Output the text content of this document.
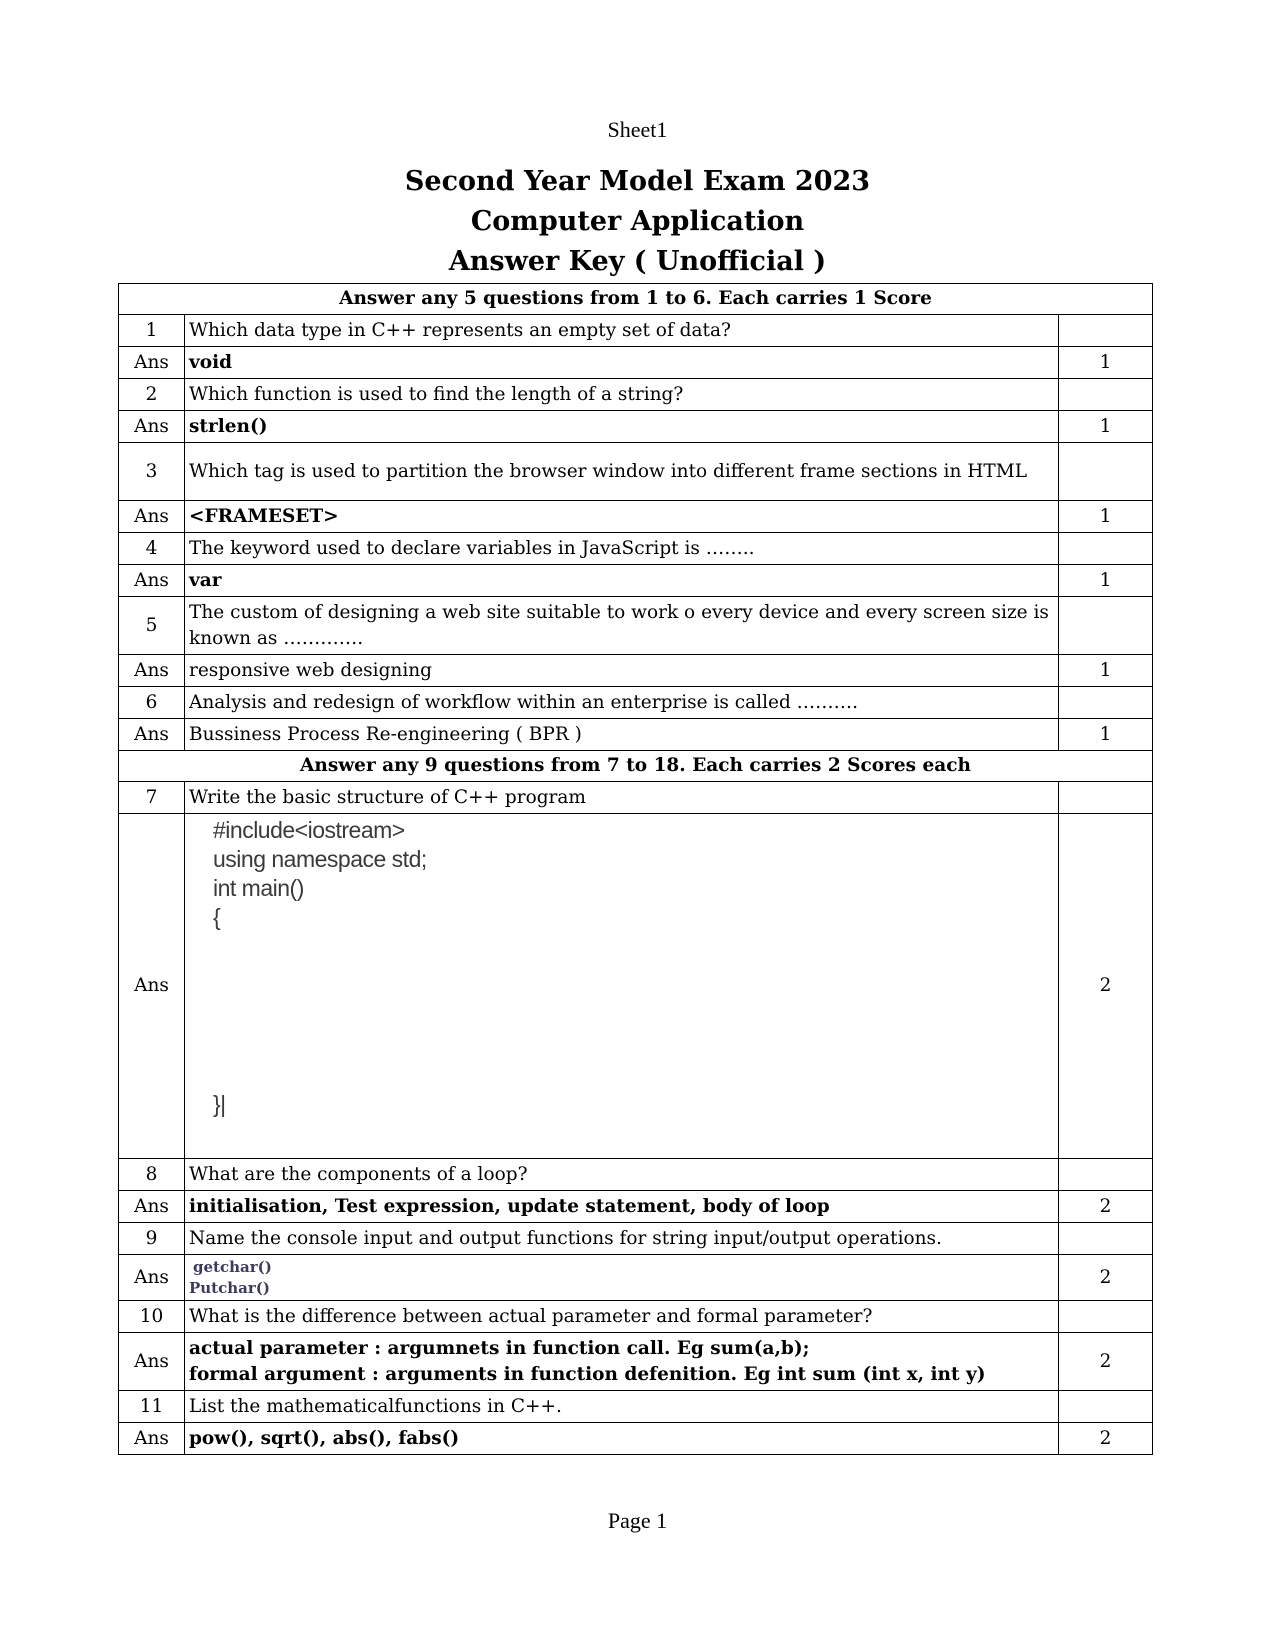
Sheet1
Second Year Model Exam 2023
Computer Application
Answer Key ( Unofficial )
Answer any 5 questions from 1 to 6. Each carries 1 Score		
1	Which data type in C++ represents an empty set of data?	
Ans	void	1
2	Which function is used to find the length of a string?	
Ans	strlen()	1
3	Which tag is used to partition the browser window into different frame sections in HTML	
Ans	<FRAMESET>	1
4	The keyword used to declare variables in JavaScript is ……..	
Ans	var	1
5	The custom of designing a web site suitable to work o every device and every screen size is known as ………….	
Ans	responsive web designing	1
6	Analysis and redesign of workflow within an enterprise is called ……….	
Ans	Bussiness Process Re-engineering ( BPR )	1
Answer any 9 questions from 7 to 18. Each carries 2 Scores each		
7	Write the basic structure of C++ program	
Ans	#include<iostream>
using namespace std;
int main()
{
}|	2
8	What are the components of a loop?	
Ans	initialisation, Test expression, update statement, body of loop	2
9	Name the console input and output functions for string input/output operations.	
Ans	getchar()
Putchar()	2
10	What is the difference between actual parameter and formal parameter?	
Ans	actual parameter : argumnets in function call. Eg sum(a,b);
formal argument : arguments in function defenition. Eg int sum (int x, int y)	2
11	List the mathematicalfunctions in C++.	
Ans	pow(), sqrt(), abs(), fabs()	2
Page 1
